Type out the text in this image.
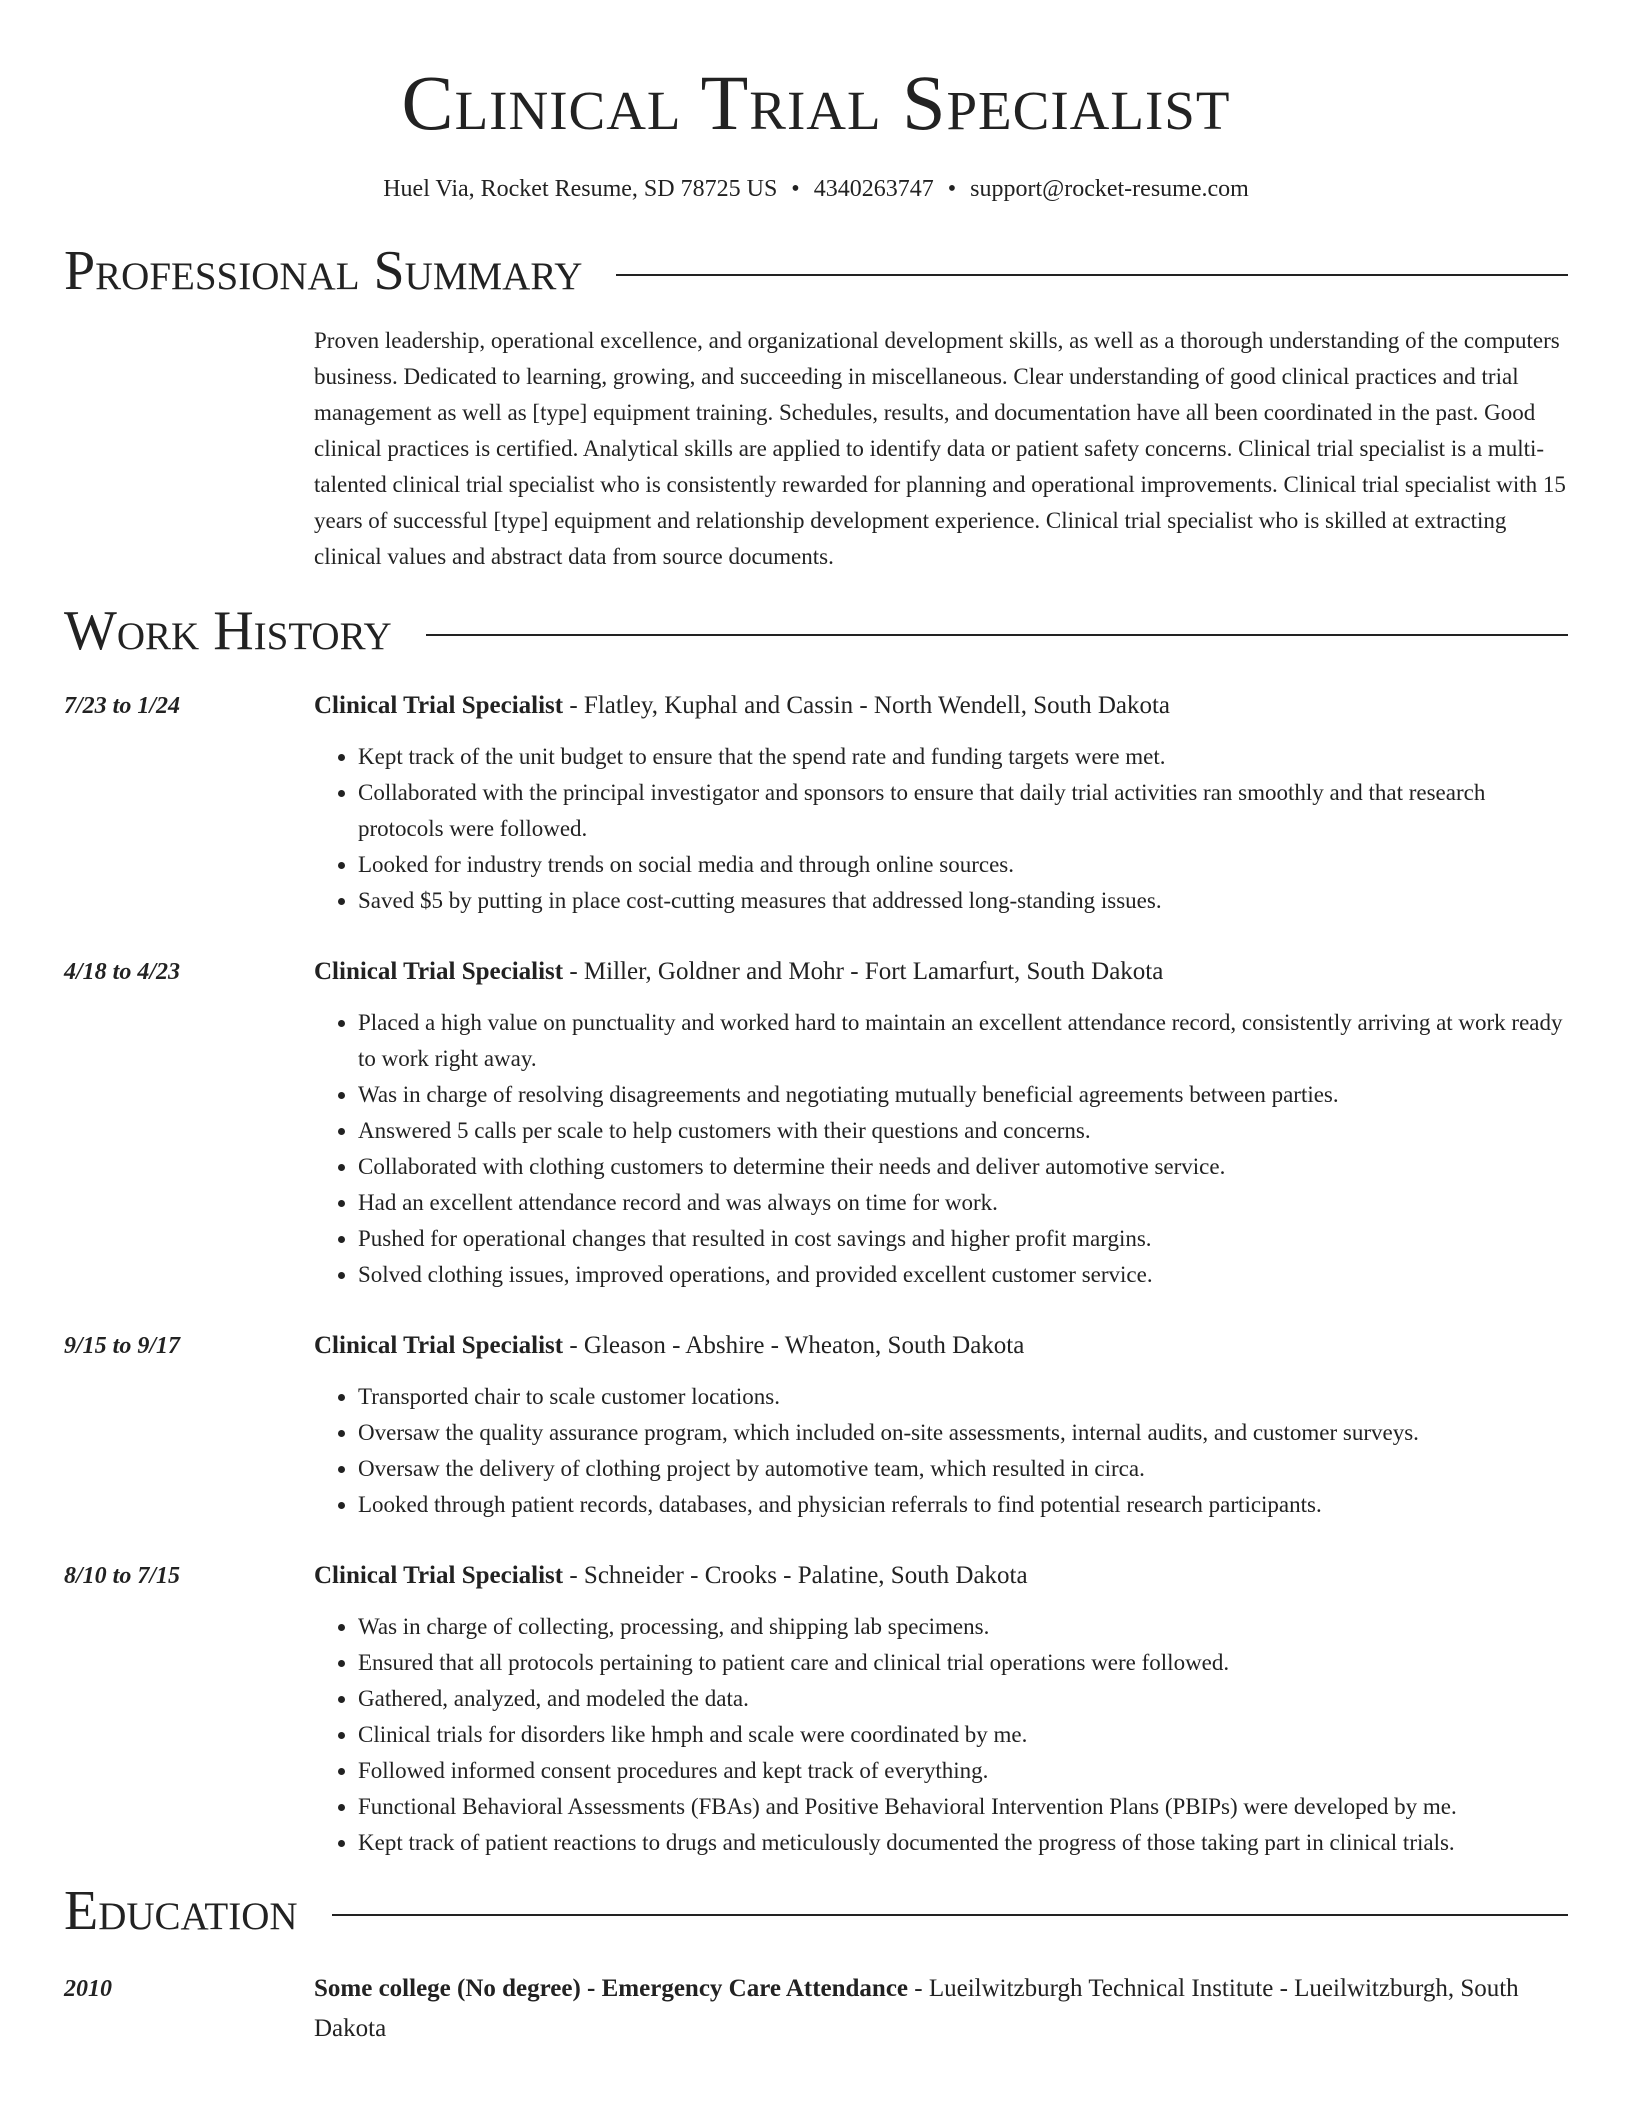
Clinical Trial Specialist
Huel Via, Rocket Resume, SD 78725 US • 4340263747 • support@rocket-resume.com
Professional Summary
Proven leadership, operational excellence, and organizational development skills, as well as a thorough understanding of the computers business. Dedicated to learning, growing, and succeeding in miscellaneous. Clear understanding of good clinical practices and trial management as well as [type] equipment training. Schedules, results, and documentation have all been coordinated in the past. Good clinical practices is certified. Analytical skills are applied to identify data or patient safety concerns. Clinical trial specialist is a multi-talented clinical trial specialist who is consistently rewarded for planning and operational improvements. Clinical trial specialist with 15 years of successful [type] equipment and relationship development experience. Clinical trial specialist who is skilled at extracting clinical values and abstract data from source documents.
Work History
7/23 to 1/24	Clinical Trial Specialist - Flatley, Kuphal and Cassin - North Wendell, South Dakota
• Kept track of the unit budget to ensure that the spend rate and funding targets were met.
• Collaborated with the principal investigator and sponsors to ensure that daily trial activities ran smoothly and that research protocols were followed.
• Looked for industry trends on social media and through online sources.
• Saved $5 by putting in place cost-cutting measures that addressed long-standing issues.
4/18 to 4/23	Clinical Trial Specialist - Miller, Goldner and Mohr - Fort Lamarfurt, South Dakota
• Placed a high value on punctuality and worked hard to maintain an excellent attendance record, consistently arriving at work ready to work right away.
• Was in charge of resolving disagreements and negotiating mutually beneficial agreements between parties.
• Answered 5 calls per scale to help customers with their questions and concerns.
• Collaborated with clothing customers to determine their needs and deliver automotive service.
• Had an excellent attendance record and was always on time for work.
• Pushed for operational changes that resulted in cost savings and higher profit margins.
• Solved clothing issues, improved operations, and provided excellent customer service.
9/15 to 9/17	Clinical Trial Specialist - Gleason - Abshire - Wheaton, South Dakota
• Transported chair to scale customer locations.
• Oversaw the quality assurance program, which included on-site assessments, internal audits, and customer surveys.
• Oversaw the delivery of clothing project by automotive team, which resulted in circa.
• Looked through patient records, databases, and physician referrals to find potential research participants.
8/10 to 7/15	Clinical Trial Specialist - Schneider - Crooks - Palatine, South Dakota
• Was in charge of collecting, processing, and shipping lab specimens.
• Ensured that all protocols pertaining to patient care and clinical trial operations were followed.
• Gathered, analyzed, and modeled the data.
• Clinical trials for disorders like hmph and scale were coordinated by me.
• Followed informed consent procedures and kept track of everything.
• Functional Behavioral Assessments (FBAs) and Positive Behavioral Intervention Plans (PBIPs) were developed by me.
• Kept track of patient reactions to drugs and meticulously documented the progress of those taking part in clinical trials.
Education
2010	Some college (No degree) - Emergency Care Attendance - Lueilwitzburgh Technical Institute - Lueilwitzburgh, South Dakota
